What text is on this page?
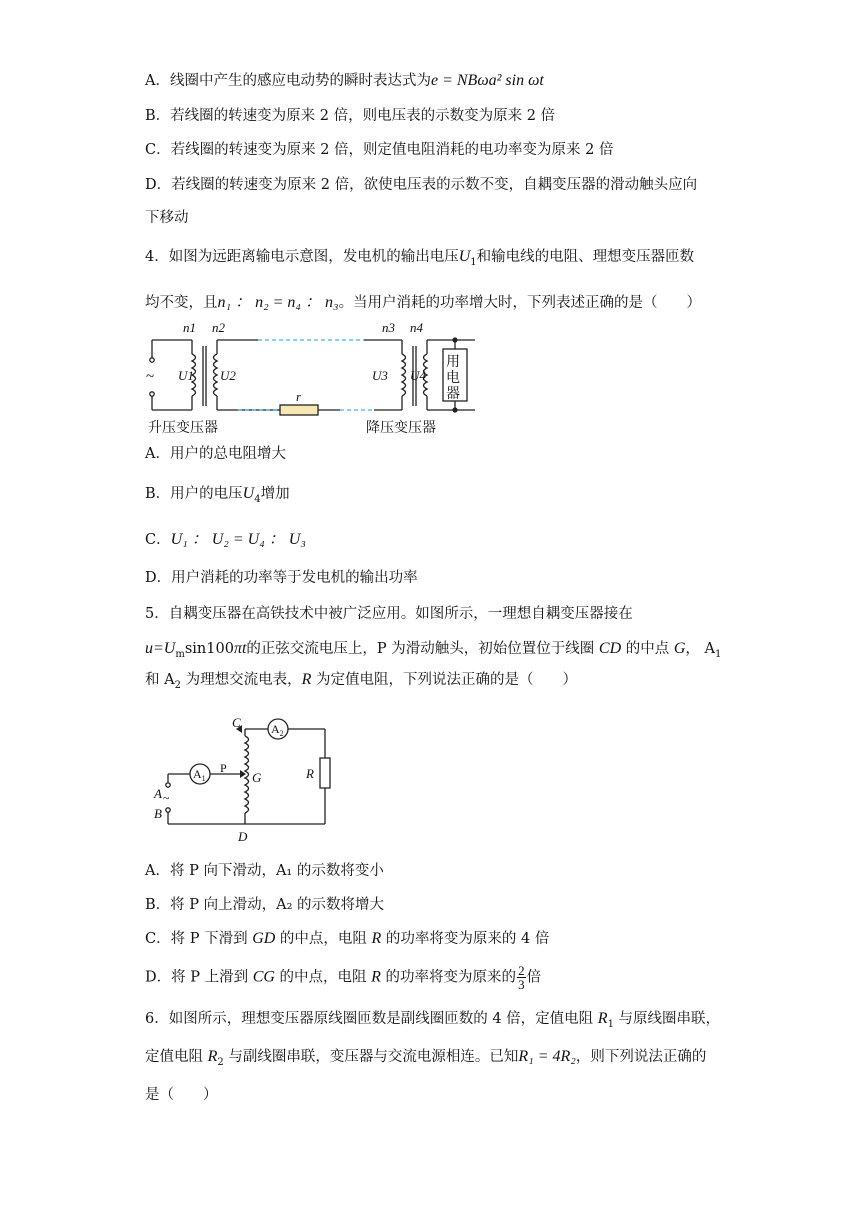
A．线圈中产生的感应电动势的瞬时表达式为e = NBωa² sin ωt
B．若线圈的转速变为原来 2 倍，则电压表的示数变为原来 2 倍
C．若线圈的转速变为原来 2 倍，则定值电阻消耗的电功率变为原来 2 倍
D．若线圈的转速变为原来 2 倍，欲使电压表的示数不变，自耦变压器的滑动触头应向
下移动
4．如图为远距离输电示意图，发电机的输出电压$U_1$和输电线的电阻、理想变压器匝数
均不变，且n₁ ： n₂ = n₄ ： n₃。当用户消耗的功率增大时，下列表述正确的是（　　）
n1 n2	n3 n4
U1 U2	U3 U4
r
~
用
电
器
升压变压器	降压变压器
A．用户的总电阻增大
B．用户的电压$U_4$增加
C．U₁ ： U₂ = U₄ ： U₃
D．用户消耗的功率等于发电机的输出功率
5．自耦变压器在高铁技术中被广泛应用。如图所示，一理想自耦变压器接在
$u=U_m\sin 100\pi t$的正弦交流电压上，P 为滑动触头，初始位置位于线圈 CD 的中点 G， $A_1$
和 $A_2$ 为理想交流电表，R 为定值电阻，下列说法正确的是（　　）
C
G	R
A
B
D
P
$A_2$
$A_1$
~
A．将 P 向下滑动，A₁ 的示数将变小
B．将 P 向上滑动，A₂ 的示数将增大
C．将 P 下滑到 GD 的中点，电阻 R 的功率将变为原来的 4 倍
D．将 P 上滑到 CG 的中点，电阻 R 的功率将变为原来的 $\frac{2}{3}$ 倍
6．如图所示，理想变压器原线圈匝数是副线圈匝数的 4 倍，定值电阻 $R_1$ 与原线圈串联，
定值电阻 $R_2$ 与副线圈串联，变压器与交流电源相连。已知R₁ = 4R₂，则下列说法正确的
是（　　）
